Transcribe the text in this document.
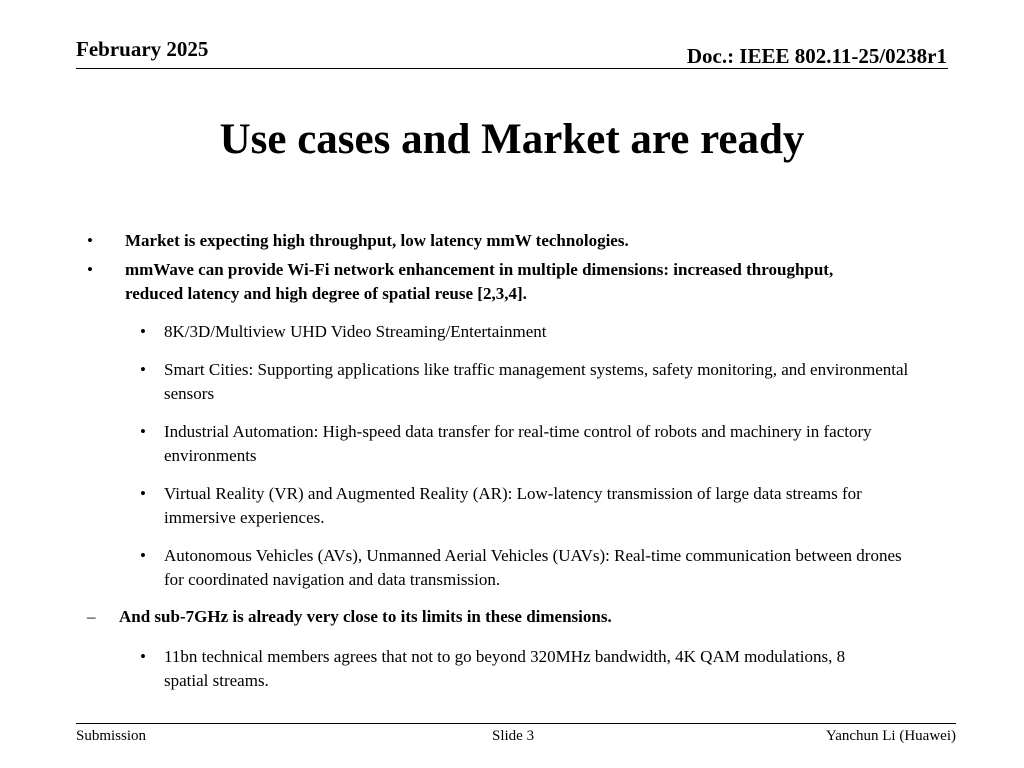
February 2025	Doc.: IEEE 802.11-25/0238r1
Use cases and Market are ready
• Market is expecting high throughput, low latency mmW technologies.
• mmWave can provide Wi-Fi network enhancement in multiple dimensions: increased throughput, reduced latency and high degree of spatial reuse [2,3,4].
• 8K/3D/Multiview UHD Video Streaming/Entertainment
• Smart Cities: Supporting applications like traffic management systems, safety monitoring, and environmental sensors
• Industrial Automation: High-speed data transfer for real-time control of robots and machinery in factory environments
• Virtual Reality (VR) and Augmented Reality (AR): Low-latency transmission of large data streams for immersive experiences.
• Autonomous Vehicles (AVs), Unmanned Aerial Vehicles (UAVs): Real-time communication between drones for coordinated navigation and data transmission.
– And sub-7GHz is already very close to its limits in these dimensions.
• 11bn technical members agrees that not to go beyond 320MHz bandwidth, 4K QAM modulations, 8 spatial streams.
Submission	Slide 3	Yanchun Li (Huawei)
